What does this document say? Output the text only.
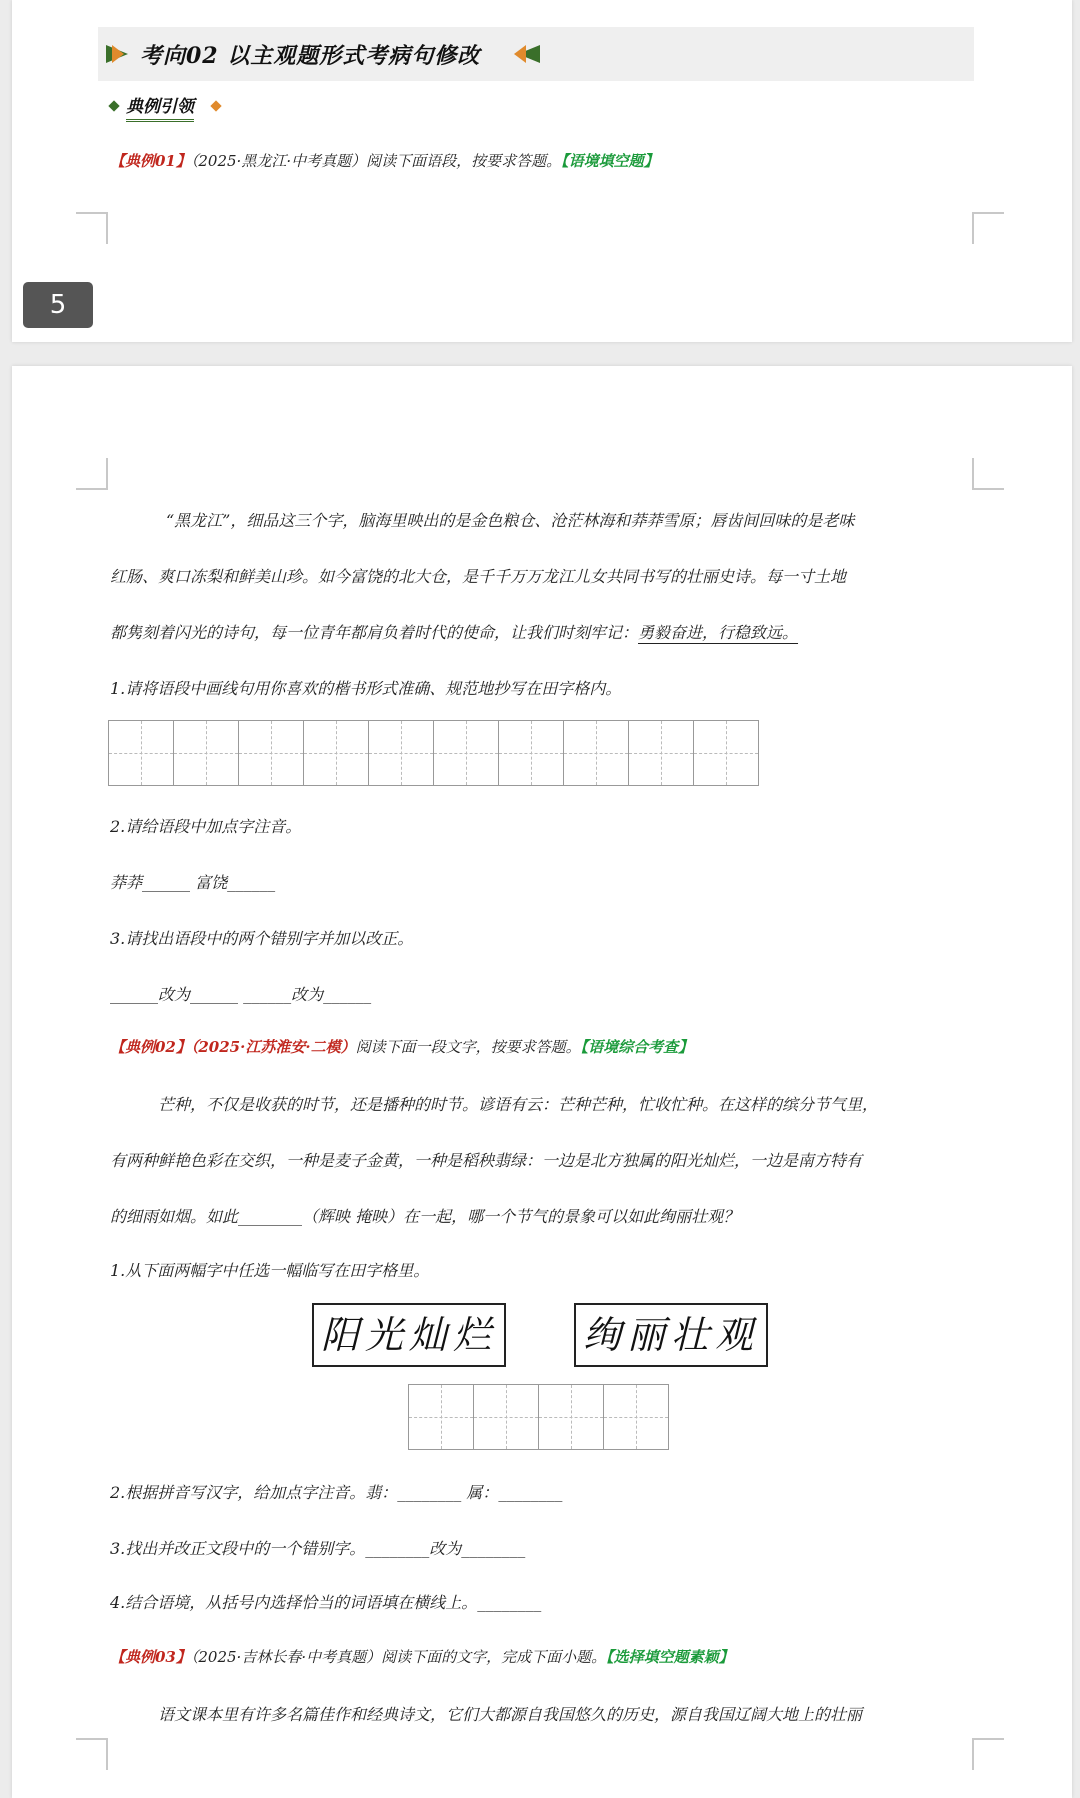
考向02 以主观题形式考病句修改
典例引领
【典例01】（2025·黑龙江·中考真题）阅读下面语段，按要求答题。【语境填空题】
5
“黑龙江”，细品这三个字，脑海里映出的是金色粮仓、沧茫林海和莽莽雪原；唇齿间回味的是老味
红肠、爽口冻梨和鲜美山珍。如今富饶的北大仓，是千千万万龙江儿女共同书写的壮丽史诗。每一寸土地
都隽刻着闪光的诗句，每一位青年都肩负着时代的使命，让我们时刻牢记：勇毅奋进，行稳致远。
1.请将语段中画线句用你喜欢的楷书形式准确、规范地抄写在田字格内。
2.请给语段中加点字注音。
莽莽______ 富饶______
3.请找出语段中的两个错别字并加以改正。
______改为______ ______改为______
【典例02】（2025·江苏淮安·二模）阅读下面一段文字，按要求答题。【语境综合考查】
芒种，不仅是收获的时节，还是播种的时节。谚语有云：芒种芒种，忙收忙种。在这样的缤分节气里，
有两种鲜艳色彩在交织，一种是麦子金黄，一种是稻秧翡绿：一边是北方独属的阳光灿烂，一边是南方特有
的细雨如烟。如此________（辉映 掩映）在一起，哪一个节气的景象可以如此绚丽壮观？
1.从下面两幅字中任选一幅临写在田字格里。
阳光灿烂 绚丽壮观
2.根据拼音写汉字，给加点字注音。翡：________ 属：________
3.找出并改正文段中的一个错别字。________改为________
4.结合语境，从括号内选择恰当的词语填在横线上。________
【典例03】（2025·吉林长春·中考真题）阅读下面的文字，完成下面小题。【选择填空题素颖】
语文课本里有许多名篇佳作和经典诗文，它们大都源自我国悠久的历史，源自我国辽阔大地上的壮丽
